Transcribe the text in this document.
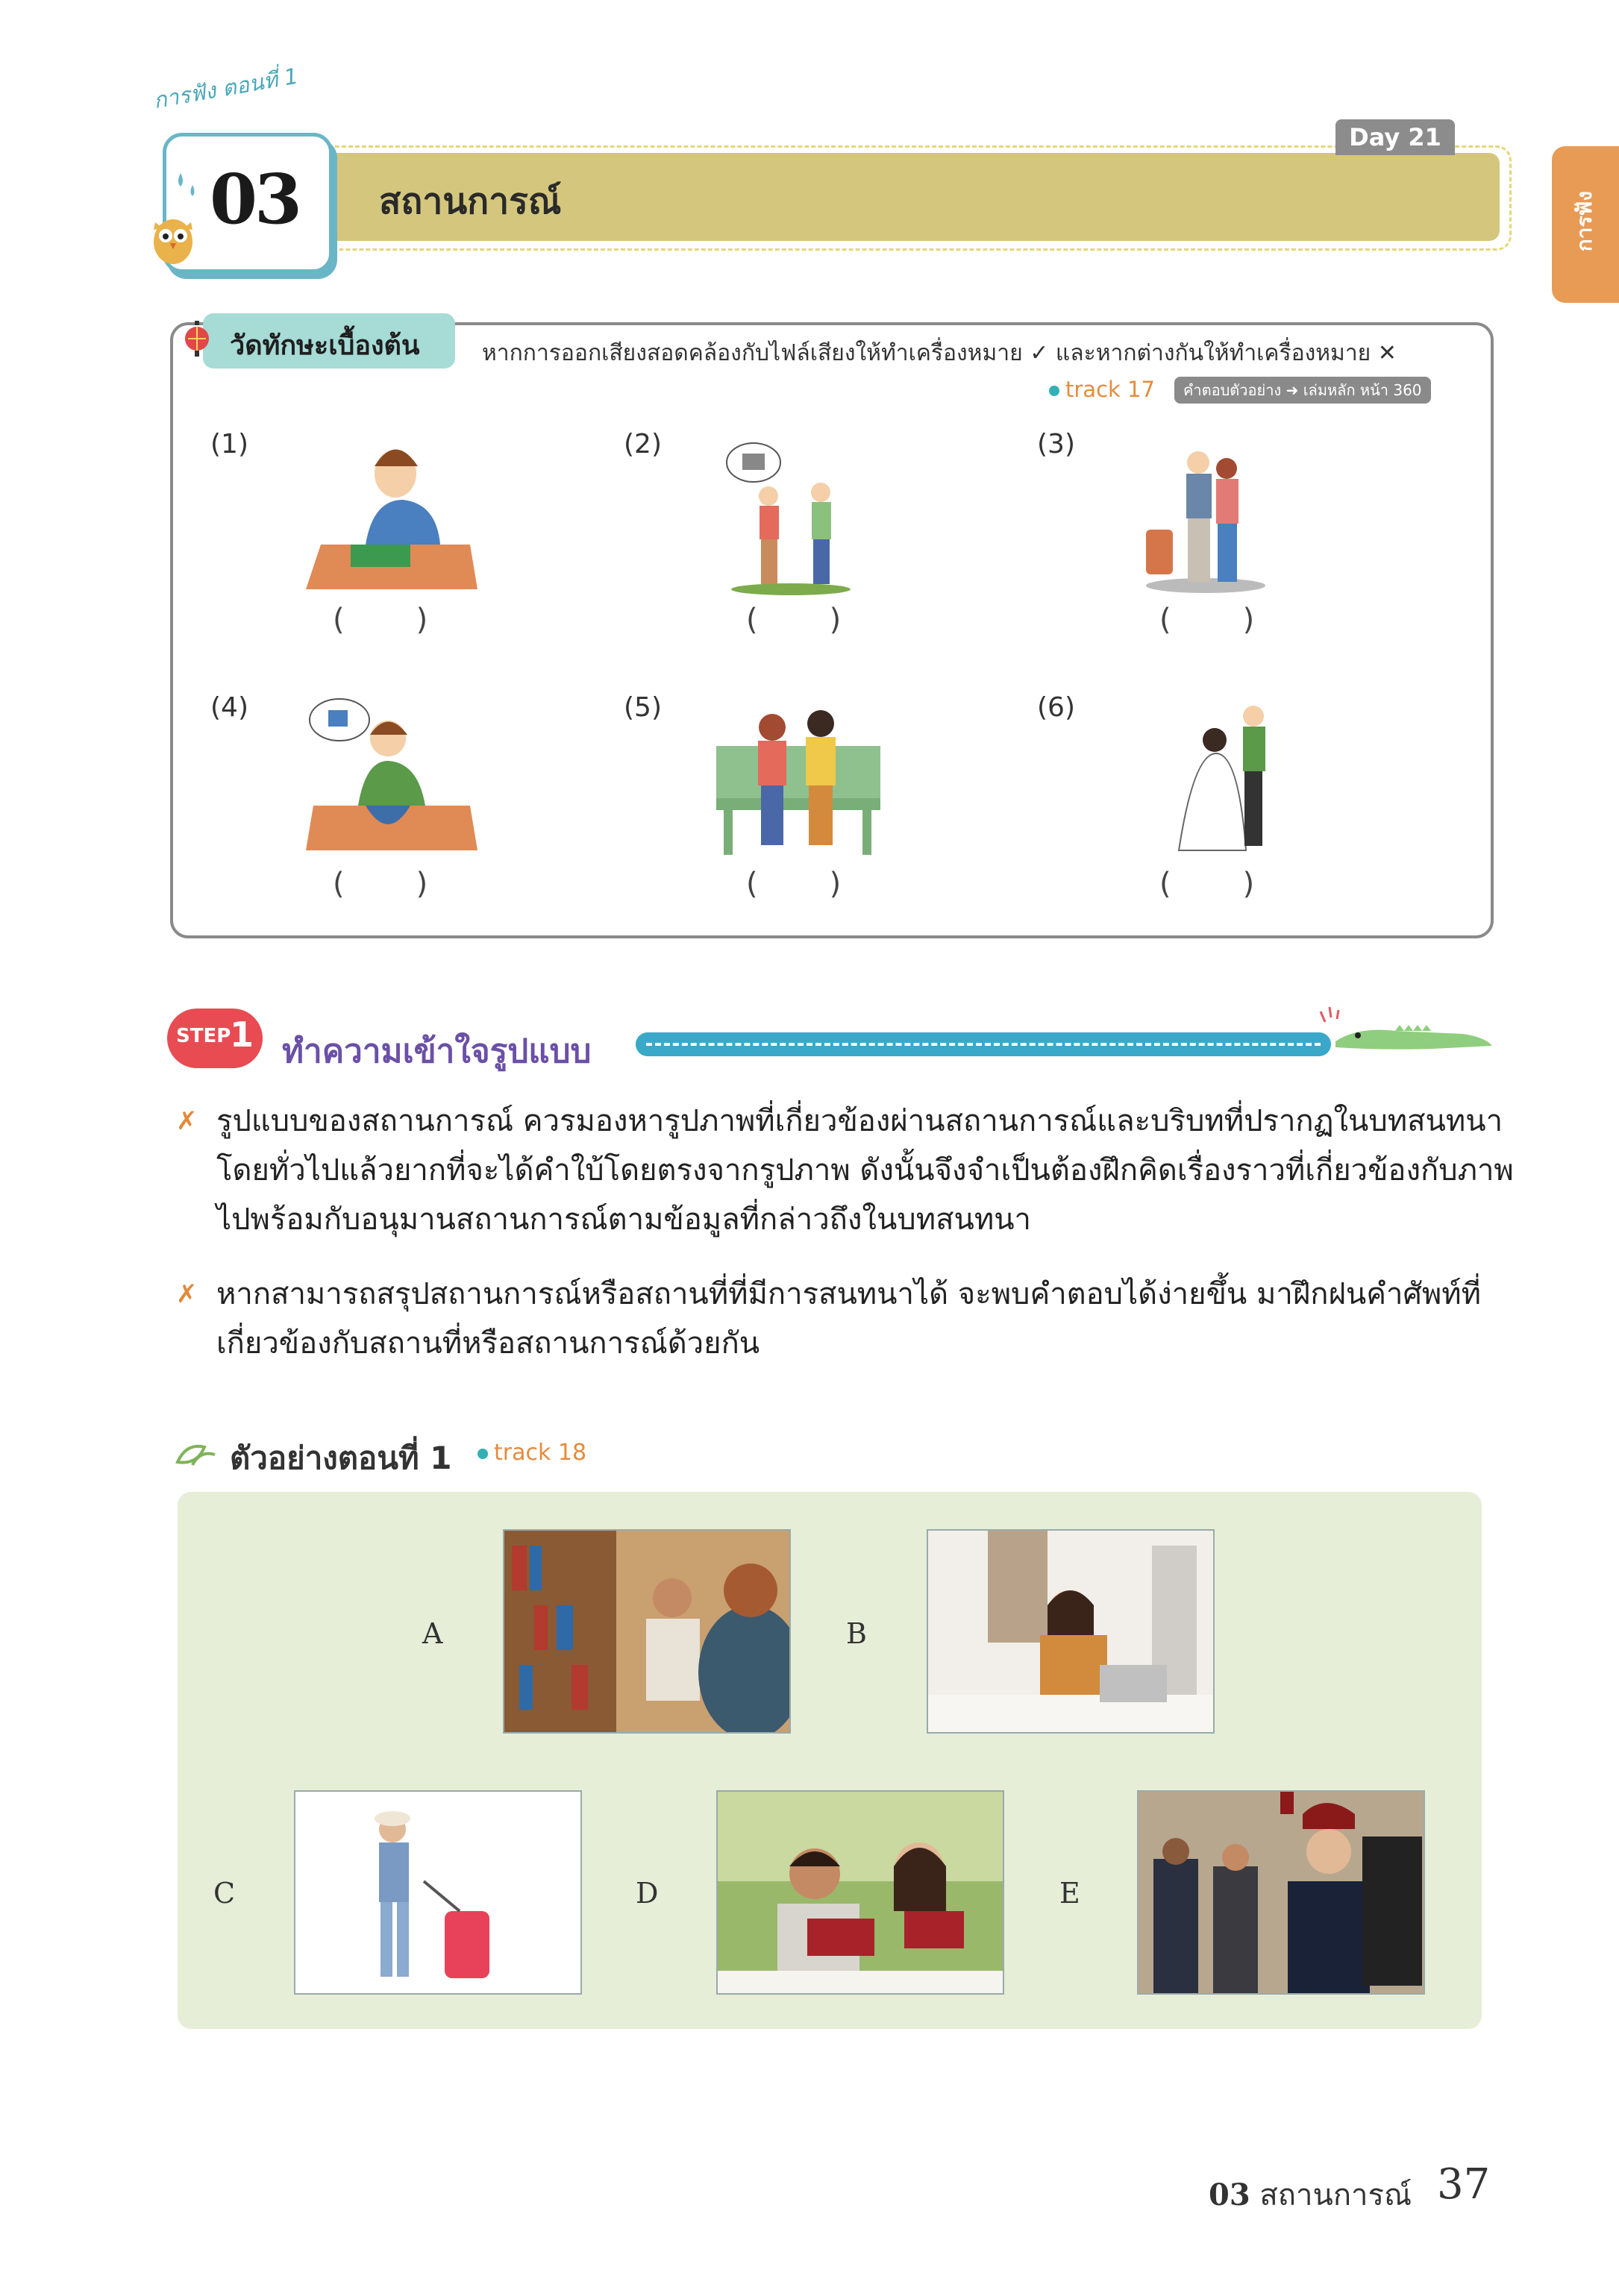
การฟัง ตอนที่ 1
03 สถานการณ์
Day 21
การฟัง
วัดทักษะเบื้องต้น	หากการออกเสียงสอดคล้องกับไฟล์เสียงให้ทำเครื่องหมาย ✓ และหากต่างกันให้ทำเครื่องหมาย ✕
track 17	คำตอบตัวอย่าง ➜ เล่มหลัก หน้า 360
(1)	(2)	(3)
(4)	(5)	(6)
( )	( )	( )
( )	( )	( )
STEP
1 ทำความเข้าใจรูปแบบ
✗ รูปแบบของสถานการณ์ ควรมองหารูปภาพที่เกี่ยวข้องผ่านสถานการณ์และบริบทที่ปรากฏในบทสนทนา
โดยทั่วไปแล้วยากที่จะได้คำใบ้โดยตรงจากรูปภาพ ดังนั้นจึงจำเป็นต้องฝึกคิดเรื่องราวที่เกี่ยวข้องกับภาพ
ไปพร้อมกับอนุมานสถานการณ์ตามข้อมูลที่กล่าวถึงในบทสนทนา
✗ หากสามารถสรุปสถานการณ์หรือสถานที่ที่มีการสนทนาได้ จะพบคำตอบได้ง่ายขึ้น มาฝึกฝนคำศัพท์ที่
เกี่ยวข้องกับสถานที่หรือสถานการณ์ด้วยกัน
ตัวอย่างตอนที่ 1	track 18
A	B
C	D	E
03 สถานการณ์ 37
